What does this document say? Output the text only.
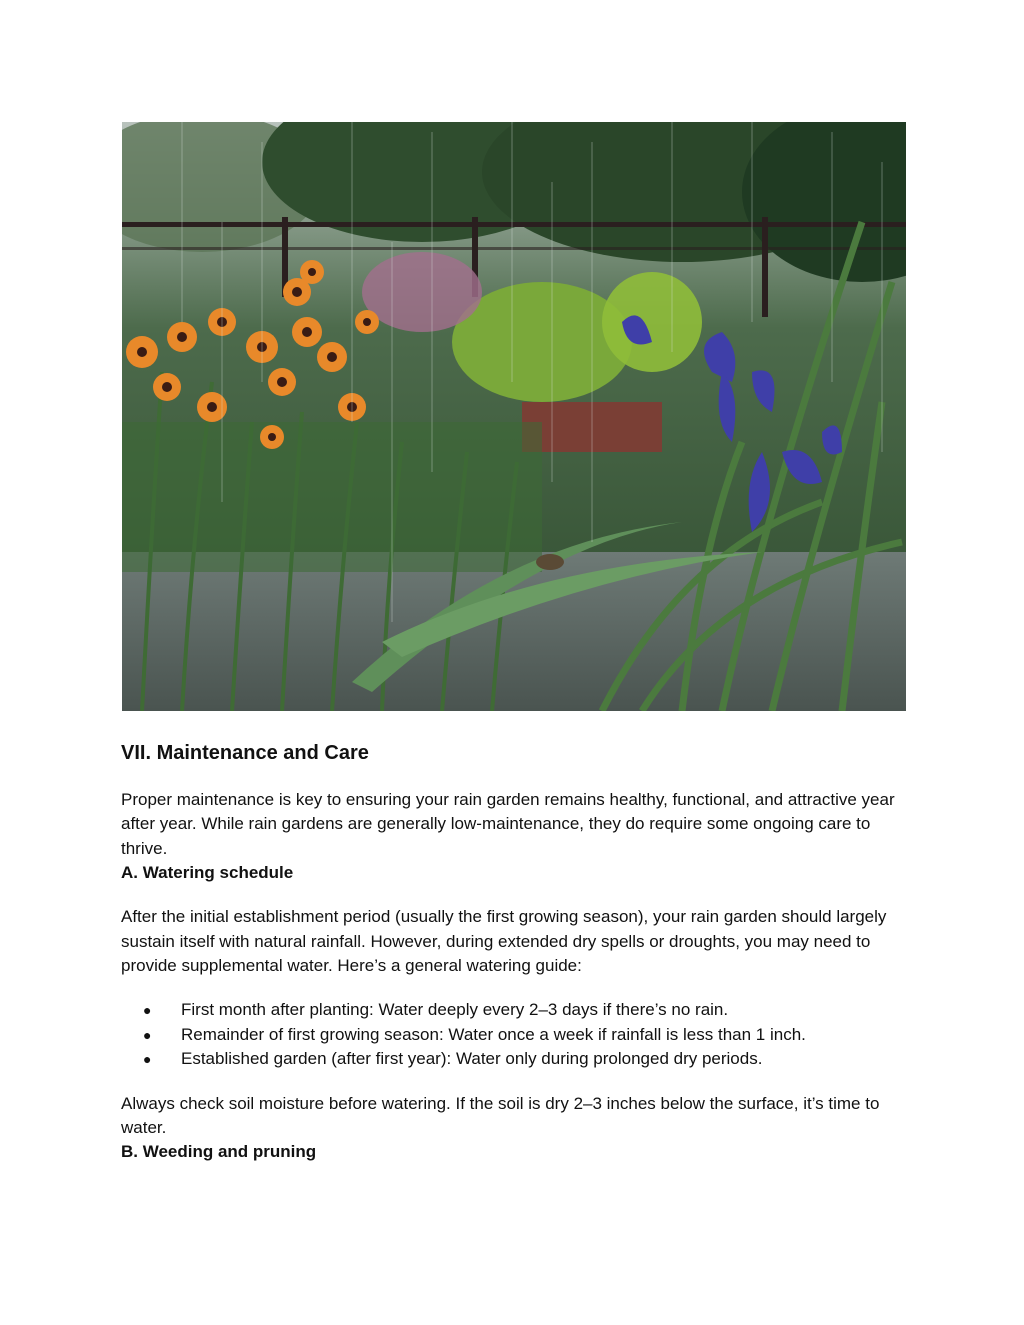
VII. Maintenance and Care

Proper maintenance is key to ensuring your rain garden remains healthy, functional, and attractive year after year. While rain gardens are generally low-maintenance, they do require some ongoing care to thrive.

A. Watering schedule

After the initial establishment period (usually the first growing season), your rain garden should largely sustain itself with natural rainfall. However, during extended dry spells or droughts, you may need to provide supplemental water. Here’s a general watering guide:

● First month after planting: Water deeply every 2–3 days if there’s no rain.
● Remainder of first growing season: Water once a week if rainfall is less than 1 inch.
● Established garden (after first year): Water only during prolonged dry periods.

Always check soil moisture before watering. If the soil is dry 2–3 inches below the surface, it’s time to water.

B. Weeding and pruning
